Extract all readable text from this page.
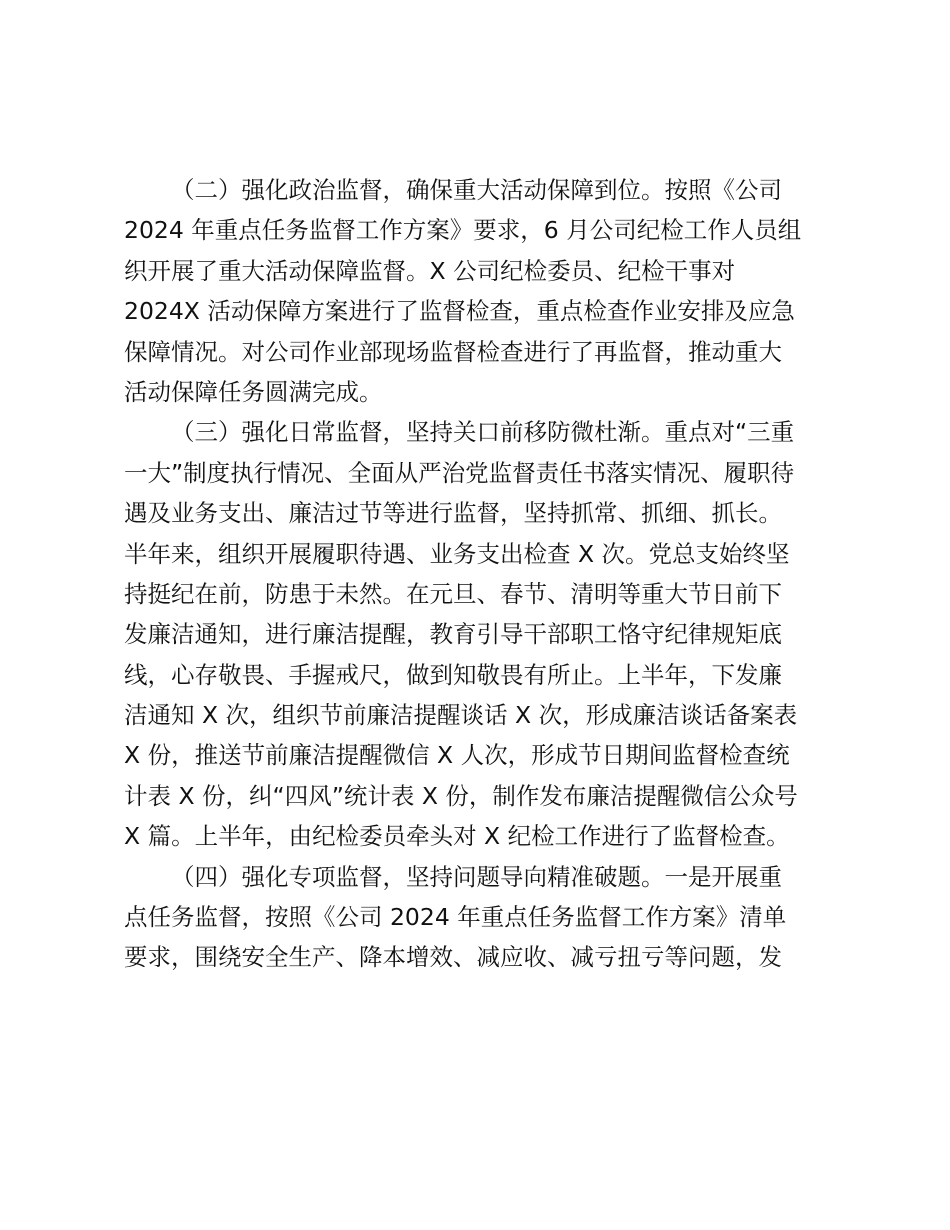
（二）强化政治监督，确保重大活动保障到位。按照《公司
2024 年重点任务监督工作方案》要求，6 月公司纪检工作人员组
织开展了重大活动保障监督。X 公司纪检委员、纪检干事对
2024X 活动保障方案进行了监督检查，重点检查作业安排及应急
保障情况。对公司作业部现场监督检查进行了再监督，推动重大
活动保障任务圆满完成。
（三）强化日常监督，坚持关口前移防微杜渐。重点对“三重
一大”制度执行情况、全面从严治党监督责任书落实情况、履职待
遇及业务支出、廉洁过节等进行监督，坚持抓常、抓细、抓长。
半年来，组织开展履职待遇、业务支出检查 X 次。党总支始终坚
持挺纪在前，防患于未然。在元旦、春节、清明等重大节日前下
发廉洁通知，进行廉洁提醒，教育引导干部职工恪守纪律规矩底
线，心存敬畏、手握戒尺，做到知敬畏有所止。上半年，下发廉
洁通知 X 次，组织节前廉洁提醒谈话 X 次，形成廉洁谈话备案表
X 份，推送节前廉洁提醒微信 X 人次，形成节日期间监督检查统
计表 X 份，纠“四风”统计表 X 份，制作发布廉洁提醒微信公众号
X 篇。上半年，由纪检委员牵头对 X 纪检工作进行了监督检查。
（四）强化专项监督，坚持问题导向精准破题。一是开展重
点任务监督，按照《公司 2024 年重点任务监督工作方案》清单
要求，围绕安全生产、降本增效、减应收、减亏扭亏等问题，发
